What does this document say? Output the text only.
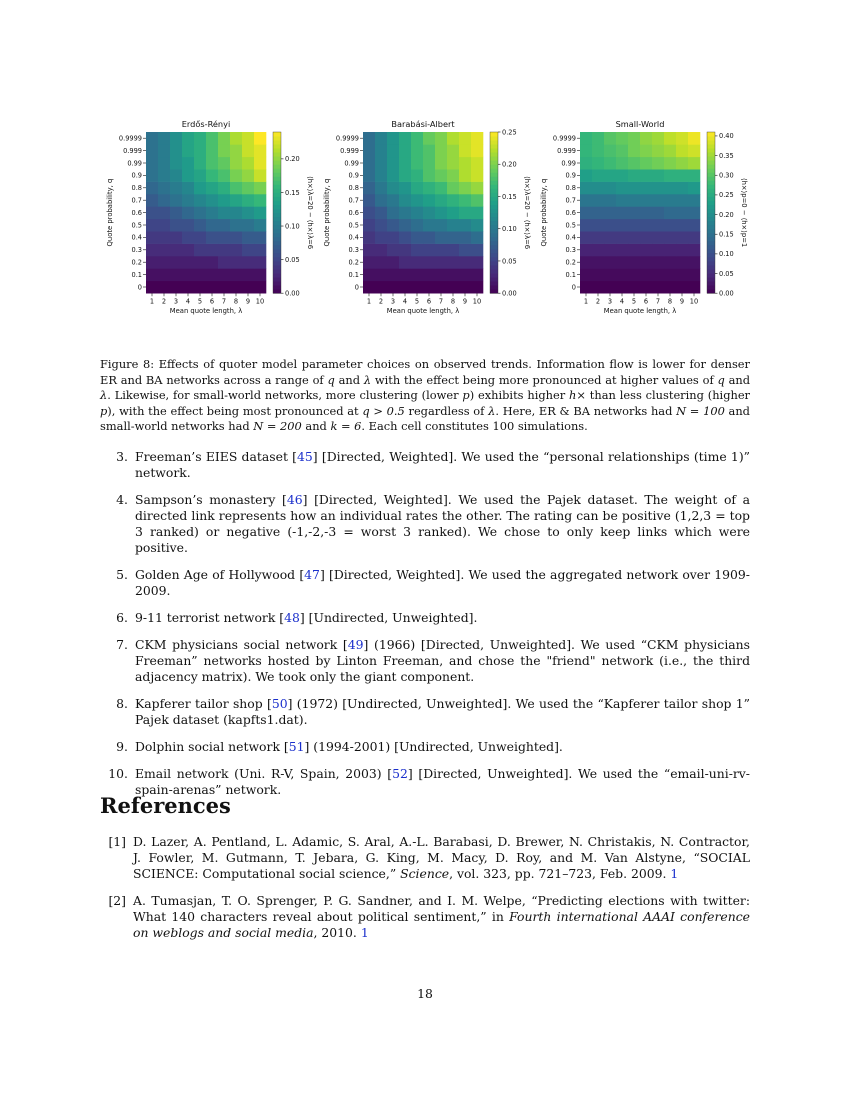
Erdős-Rényi
0
0.1
0.2
0.3
0.4
0.5
0.6
0.7
0.8
0.9
0.99
0.999
0.9999
1 2 3 4 5 6 7 8 9 10
Mean quote length, λ
Quote probability, q
0.00
0.05
0.10
0.15
0.20
⟨h×⟩λ=20 − ⟨h×⟩λ=6
Barabási-Albert
0
0.1
0.2
0.3
0.4
0.5
0.6
0.7
0.8
0.9
0.99
0.999
0.9999
1 2 3 4 5 6 7 8 9 10
Mean quote length, λ
Quote probability, q
0.00
0.05
0.10
0.15
0.20
0.25
⟨h×⟩λ=20 − ⟨h×⟩λ=6
Small-World
0
0.1
0.2
0.3
0.4
0.5
0.6
0.7
0.8
0.9
0.99
0.999
0.9999
1 2 3 4 5 6 7 8 9 10
Mean quote length, λ
Quote probability, q
0.00
0.05
0.10
0.15
0.20
0.25
0.30
0.35
0.40
⟨h×⟩p=0 − ⟨h×⟩p=1

Figure 8: Effects of quoter model parameter choices on observed trends. Information flow is lower for denser ER and BA networks across a range of q and λ with the effect being more pronounced at higher values of q and λ. Likewise, for small-world networks, more clustering (lower p) exhibits higher h× than less clustering (higher p), with the effect being most pronounced at q > 0.5 regardless of λ. Here, ER & BA networks had N = 100 and small-world networks had N = 200 and k = 6. Each cell constitutes 100 simulations.

3. Freeman’s EIES dataset [45] [Directed, Weighted]. We used the “personal relationships (time 1)” network.
4. Sampson’s monastery [46] [Directed, Weighted]. We used the Pajek dataset. The weight of a directed link represents how an individual rates the other. The rating can be positive (1,2,3 = top 3 ranked) or negative (-1,-2,-3 = worst 3 ranked). We chose to only keep links which were positive.
5. Golden Age of Hollywood [47] [Directed, Weighted]. We used the aggregated network over 1909-2009.
6. 9-11 terrorist network [48] [Undirected, Unweighted].
7. CKM physicians social network [49] (1966) [Directed, Unweighted]. We used “CKM physicians Freeman” networks hosted by Linton Freeman, and chose the "friend" network (i.e., the third adjacency matrix). We took only the giant component.
8. Kapferer tailor shop [50] (1972) [Undirected, Unweighted]. We used the “Kapferer tailor shop 1” Pajek dataset (kapfts1.dat).
9. Dolphin social network [51] (1994-2001) [Undirected, Unweighted].
10. Email network (Uni. R-V, Spain, 2003) [52] [Directed, Unweighted]. We used the “email-uni-rv-spain-arenas” network.
References
[1] D. Lazer, A. Pentland, L. Adamic, S. Aral, A.-L. Barabasi, D. Brewer, N. Christakis, N. Contractor, J. Fowler, M. Gutmann, T. Jebara, G. King, M. Macy, D. Roy, and M. Van Alstyne, “SOCIAL SCIENCE: Computational social science,” Science, vol. 323, pp. 721–723, Feb. 2009. 1
[2] A. Tumasjan, T. O. Sprenger, P. G. Sandner, and I. M. Welpe, “Predicting elections with twitter: What 140 characters reveal about political sentiment,” in Fourth international AAAI conference on weblogs and social media, 2010. 1
18
